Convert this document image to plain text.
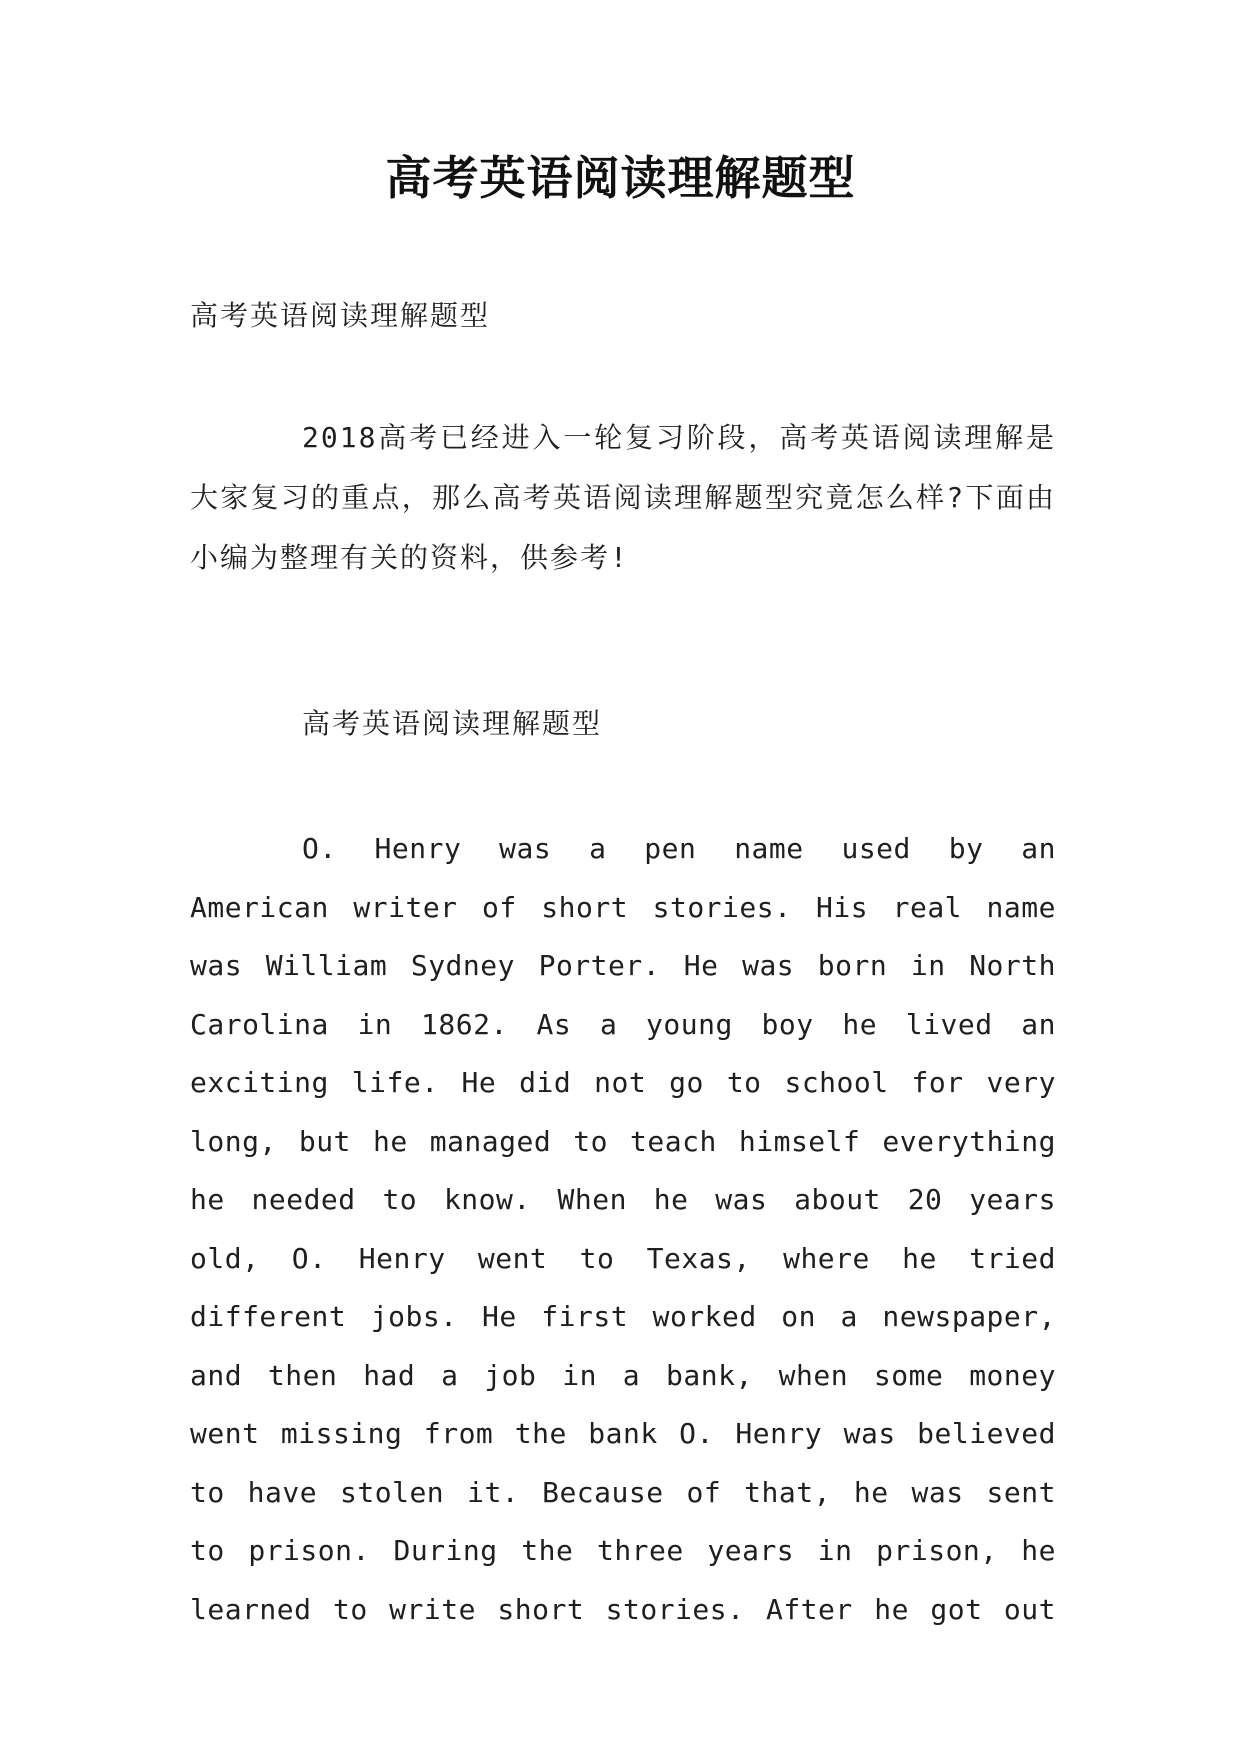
高考英语阅读理解题型
高考英语阅读理解题型
2018高考已经进入一轮复习阶段，高考英语阅读理解是大家复习的重点，那么高考英语阅读理解题型究竟怎么样?下面由小编为整理有关的资料，供参考!
高考英语阅读理解题型
O. Henry was a pen name used by an American writer of short stories. His real name was William Sydney Porter. He was born in North Carolina in 1862. As a young boy he lived an exciting life. He did not go to school for very long, but he managed to teach himself everything he needed to know. When he was about 20 years old, O. Henry went to Texas, where he tried different jobs. He first worked on a newspaper, and then had a job in a bank, when some money went missing from the bank O. Henry was believed to have stolen it. Because of that, he was sent to prison. During the three years in prison, he learned to write short stories. After he got out
